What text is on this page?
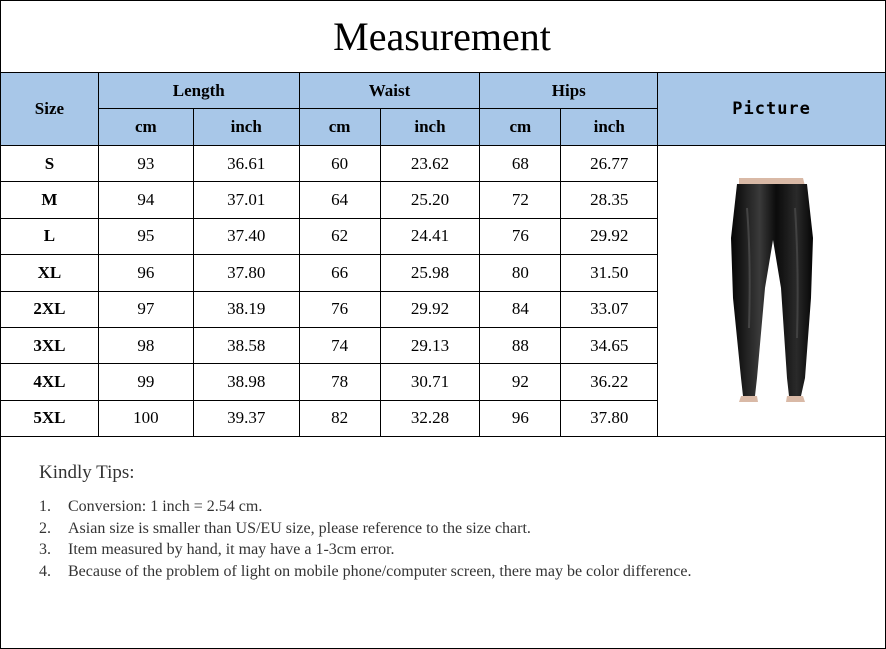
Measurement
Size	Length		Waist		Hips		Picture
	cm	inch	cm	inch	cm	inch	
S	93	36.61	60	23.62	68	26.77	

M	94	37.01	64	25.20	72	28.35	
L	95	37.40	62	24.41	76	29.92	
XL	96	37.80	66	25.98	80	31.50	
2XL	97	38.19	76	29.92	84	33.07	
3XL	98	38.58	74	29.13	88	34.65	
4XL	99	38.98	78	30.71	92	36.22	
5XL	100	39.37	82	32.28	96	37.80	
Kindly Tips:
1.	Conversion: 1 inch = 2.54 cm.
2.	Asian size is smaller than US/EU size, please reference to the size chart.
3.	Item measured by hand, it may have a 1-3cm error.
4.	Because of the problem of light on mobile phone/computer screen, there may be color difference.
